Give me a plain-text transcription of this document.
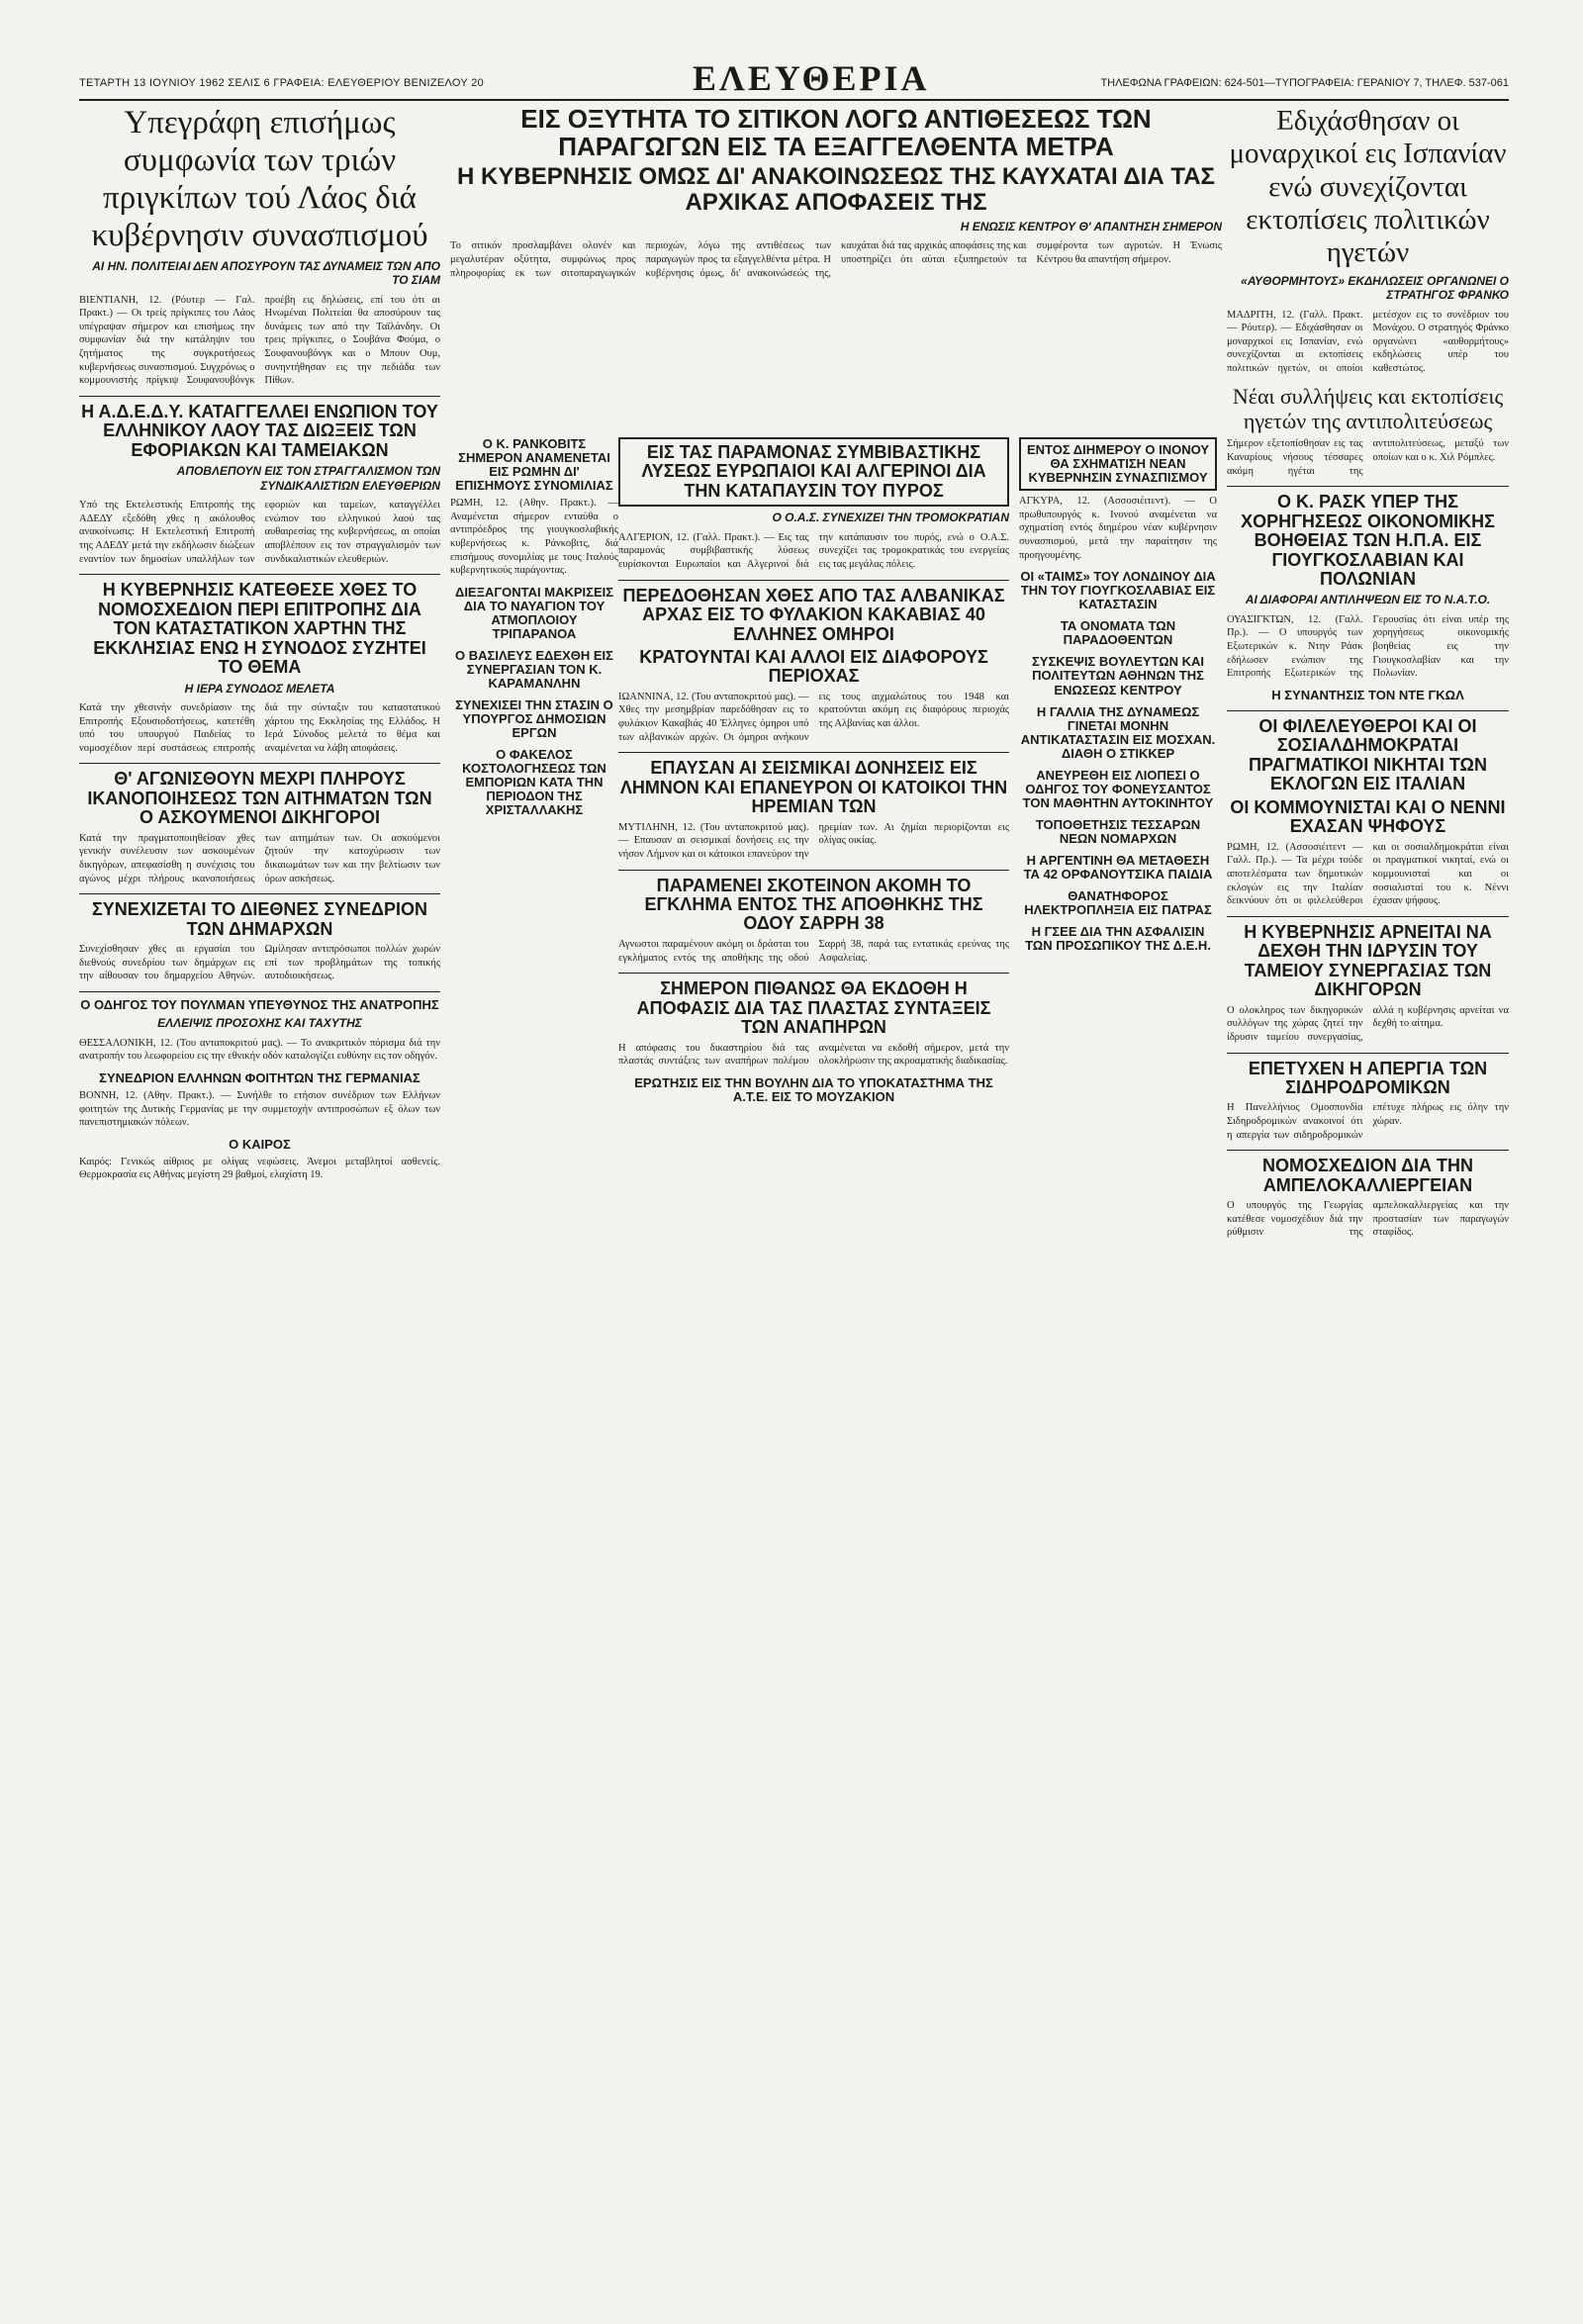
ΤΕΤΑΡΤΗ 13 ΙΟΥΝΙΟΥ 1962 ΣΕΛΙΣ 6 ΓΡΑΦΕΙΑ: ΕΛΕΥΘΕΡΙΟΥ ΒΕΝΙΖΕΛΟΥ 20	ΕΛΕΥΘΕΡΙΑ	ΤΗΛΕΦΩΝΑ ΓΡΑΦΕΙΩΝ: 624-501—ΤΥΠΟΓΡΑΦΕΙΑ: ΓΕΡΑΝΙΟΥ 7, ΤΗΛΕΦ. 537-061
Υπεγράφη επισήμως συμφωνία των τριών πριγκίπων τού Λάος διά κυβέρνησιν συνασπισμού
ΑΙ ΗΝ. ΠΟΛΙΤΕΙΑΙ ΔΕΝ ΑΠΟΣΥΡΟΥΝ ΤΑΣ ΔΥΝΑΜΕΙΣ ΤΩΝ ΑΠΟ ΤΟ ΣΙΑΜ

ΒΙΕΝΤΙΑΝΗ, 12. (Ρόυτερ — Γαλ. Πρακτ.) — Οι τρείς πρίγκιπες του Λάος υπέγραψαν σήμερον και επισήμως την συμφωνίαν διά την κατάληψιν του ζητήματος της συγκροτήσεως κυβερνήσεως συνασπισμού. Συγχρόνως ο κομμουνιστής πρίγκιψ Σουφανουβόνγκ προέβη εις δηλώσεις, επί του ότι αι Ηνωμέναι Πολιτείαι θα αποσύρουν τας δυνάμεις των από την Ταϊλάνδην. Οι τρεις πρίγκιπες, ο Σουβάνα Φούμα, ο Σουφανουβόνγκ και ο Μπουν Ουμ, συνηντήθησαν εις την πεδιάδα των Πίθων.

Η Α.Δ.Ε.Δ.Υ. ΚΑΤΑΓΓΕΛΛΕΙ ΕΝΩΠΙΟΝ ΤΟΥ ΕΛΛΗΝΙΚΟΥ ΛΑΟΥ ΤΑΣ ΔΙΩΞΕΙΣ ΤΩΝ ΕΦΟΡΙΑΚΩΝ ΚΑΙ ΤΑΜΕΙΑΚΩΝ
ΑΠΟΒΛΕΠΟΥΝ ΕΙΣ ΤΟΝ ΣΤΡΑΓΓΑΛΙΣΜΟΝ ΤΩΝ ΣΥΝΔΙΚΑΛΙΣΤΙΩΝ ΕΛΕΥΘΕΡΙΩΝ

Υπό της Εκτελεστικής Επιτροπής της ΑΔΕΔΥ εξεδόθη χθες η ακόλουθος ανακοίνωσις: Η Εκτελεστική Επιτροπή της ΑΔΕΔΥ μετά την εκδήλωσιν διώξεων εναντίον των δημοσίων υπαλλήλων των εφοριών και ταμείων, καταγγέλλει ενώπιον του ελληνικού λαού τας αυθαιρεσίας της κυβερνήσεως, αι οποίαι αποβλέπουν εις τον στραγγαλισμόν των συνδικαλιστικών ελευθεριών.

Η ΚΥΒΕΡΝΗΣΙΣ ΚΑΤΕΘΕΣΕ ΧΘΕΣ ΤΟ ΝΟΜΟΣΧΕΔΙΟΝ ΠΕΡΙ ΕΠΙΤΡΟΠΗΣ ΔΙΑ ΤΟΝ ΚΑΤΑΣΤΑΤΙΚΟΝ ΧΑΡΤΗΝ ΤΗΣ ΕΚΚΛΗΣΙΑΣ ΕΝΩ Η ΣΥΝΟΔΟΣ ΣΥΖΗΤΕΙ ΤΟ ΘΕΜΑ
Η ΙΕΡΑ ΣΥΝΟΔΟΣ ΜΕΛΕΤΑ

Κατά την χθεσινήν συνεδρίασιν της Επιτροπής Εξουσιοδοτήσεως, κατετέθη υπό του υπουργού Παιδείας το νομοσχέδιον περί συστάσεως επιτροπής διά την σύνταξιν του καταστατικού χάρτου της Εκκλησίας της Ελλάδος. Η Ιερά Σύνοδος μελετά το θέμα και αναμένεται να λάβη αποφάσεις.

Θ' ΑΓΩΝΙΣΘΟΥΝ ΜΕΧΡΙ ΠΛΗΡΟΥΣ ΙΚΑΝΟΠΟΙΗΣΕΩΣ ΤΩΝ ΑΙΤΗΜΑΤΩΝ ΤΩΝ Ο ΑΣΚΟΥΜΕΝΟΙ ΔΙΚΗΓΟΡΟΙ

Κατά την πραγματοποιηθείσαν χθες γενικήν συνέλευσιν των ασκουμένων δικηγόρων, απεφασίσθη η συνέχισις του αγώνος μέχρι πλήρους ικανοποιήσεως των αιτημάτων των. Οι ασκούμενοι ζητούν την κατοχύρωσιν των δικαιωμάτων των και την βελτίωσιν των όρων ασκήσεως.

ΣΥΝΕΧΙΖΕΤΑΙ ΤΟ ΔΙΕΘΝΕΣ ΣΥΝΕΔΡΙΟΝ ΤΩΝ ΔΗΜΑΡΧΩΝ

Συνεχίσθησαν χθες αι εργασίαι του διεθνούς συνεδρίου των δημάρχων εις την αίθουσαν του δημαρχείου Αθηνών. Ωμίλησαν αντιπρόσωποι πολλών χωρών επί των προβλημάτων της τοπικής αυτοδιοικήσεως.

Ο ΟΔΗΓΟΣ ΤΟΥ ΠΟΥΛΜΑΝ ΥΠΕΥΘΥΝΟΣ ΤΗΣ ΑΝΑΤΡΟΠΗΣ
ΕΛΛΕΙΨΙΣ ΠΡΟΣΟΧΗΣ ΚΑΙ ΤΑΧΥΤΗΣ

ΘΕΣΣΑΛΟΝΙΚΗ, 12. (Του ανταποκριτού μας). — Το ανακριτικόν πόρισμα διά την ανατροπήν του λεωφορείου εις την εθνικήν οδόν καταλογίζει ευθύνην εις τον οδηγόν.

ΣΥΝΕΔΡΙΟΝ ΕΛΛΗΝΩΝ ΦΟΙΤΗΤΩΝ ΤΗΣ ΓΕΡΜΑΝΙΑΣ

ΒΟΝΝΗ, 12. (Αθην. Πρακτ.). — Συνήλθε το ετήσιον συνέδριον των Ελλήνων φοιτητών της Δυτικής Γερμανίας με την συμμετοχήν αντιπροσώπων εξ όλων των πανεπιστημιακών πόλεων.

Ο ΚΑΙΡΟΣ

Καιρός: Γενικώς αίθριος με ολίγας νεφώσεις. Άνεμοι μεταβλητοί ασθενείς. Θερμοκρασία εις Αθήνας μεγίστη 29 βαθμοί, ελαχίστη 19.

ΕΙΣ ΟΞΥΤΗΤΑ ΤΟ ΣΙΤΙΚΟΝ ΛΟΓΩ ΑΝΤΙΘΕΣΕΩΣ ΤΩΝ ΠΑΡΑΓΩΓΩΝ ΕΙΣ ΤΑ ΕΞΑΓΓΕΛΘΕΝΤΑ ΜΕΤΡΑ
Η ΚΥΒΕΡΝΗΣΙΣ ΟΜΩΣ ΔΙ' ΑΝΑΚΟΙΝΩΣΕΩΣ ΤΗΣ ΚΑΥΧΑΤΑΙ ΔΙΑ ΤΑΣ ΑΡΧΙΚΑΣ ΑΠΟΦΑΣΕΙΣ ΤΗΣ
Η ΕΝΩΣΙΣ ΚΕΝΤΡΟΥ Θ' ΑΠΑΝΤΗΣΗ ΣΗΜΕΡΟΝ

Το σιτικόν προσλαμβάνει ολονέν και μεγαλυτέραν οξύτητα, συμφώνως προς πληροφορίας εκ των σιτοπαραγωγικών περιοχών, λόγω της αντιθέσεως των παραγωγών προς τα εξαγγελθέντα μέτρα. Η κυβέρνησις όμως, δι' ανακοινώσεώς της, καυχάται διά τας αρχικάς αποφάσεις της και υποστηρίζει ότι αύται εξυπηρετούν τα συμφέροντα των αγροτών. Η Ένωσις Κέντρου θα απαντήση σήμερον.

Ο Κ. ΡΑΝΚΟΒΙΤΣ ΣΗΜΕΡΟΝ ΑΝΑΜΕΝΕΤΑΙ ΕΙΣ ΡΩΜΗΝ ΔΙ' ΕΠΙΣΗΜΟΥΣ ΣΥΝΟΜΙΛΙΑΣ

ΡΩΜΗ, 12. (Αθην. Πρακτ.). — Αναμένεται σήμερον ενταύθα ο αντιπρόεδρος της γιουγκοσλαβικής κυβερνήσεως κ. Ράνκοβιτς, διά επισήμους συνομιλίας με τους Ιταλούς κυβερνητικούς παράγοντας.

ΔΙΕΞΑΓΟΝΤΑΙ ΜΑΚΡΙΣΕΙΣ ΔΙΑ ΤΟ ΝΑΥΑΓΙΟΝ ΤΟΥ ΑΤΜΟΠΛΟΙΟΥ ΤΡΙΠΑΡΑΝΟΑ
Ο ΒΑΣΙΛΕΥΣ ΕΔΕΧΘΗ ΕΙΣ ΣΥΝΕΡΓΑΣΙΑΝ ΤΟΝ Κ. ΚΑΡΑΜΑΝΛΗΝ
ΣΥΝΕΧΙΣΕΙ ΤΗΝ ΣΤΑΣΙΝ Ο ΥΠΟΥΡΓΟΣ ΔΗΜΟΣΙΩΝ ΕΡΓΩΝ
Ο ΦΑΚΕΛΟΣ ΚΟΣΤΟΛΟΓΗΣΕΩΣ ΤΩΝ ΕΜΠΟΡΙΩΝ ΚΑΤΑ ΤΗΝ ΠΕΡΙΟΔΟΝ ΤΗΣ ΧΡΙΣΤΑΛΛΑΚΗΣ
ΕΙΣ ΤΑΣ ΠΑΡΑΜΟΝΑΣ ΣΥΜΒΙΒΑΣΤΙΚΗΣ ΛΥΣΕΩΣ ΕΥΡΩΠΑΙΟΙ ΚΑΙ ΑΛΓΕΡΙΝΟΙ ΔΙΑ ΤΗΝ ΚΑΤΑΠΑΥΣΙΝ ΤΟΥ ΠΥΡΟΣ
Ο Ο.Α.Σ. ΣΥΝΕΧΙΖΕΙ ΤΗΝ ΤΡΟΜΟΚΡΑΤΙΑΝ

ΑΛΓΕΡΙΟΝ, 12. (Γαλλ. Πρακτ.). — Εις τας παραμονάς συμβιβαστικής λύσεως ευρίσκονται Ευρωπαίοι και Αλγερινοί διά την κατάπαυσιν του πυρός, ενώ ο Ο.Α.Σ. συνεχίζει τας τρομοκρατικάς του ενεργείας εις τας μεγάλας πόλεις.

ΠΕΡΕΔΟΘΗΣΑΝ ΧΘΕΣ ΑΠΟ ΤΑΣ ΑΛΒΑΝΙΚΑΣ ΑΡΧΑΣ ΕΙΣ ΤΟ ΦΥΛΑΚΙΟΝ ΚΑΚΑΒΙΑΣ 40 ΕΛΛΗΝΕΣ ΟΜΗΡΟΙ
ΚΡΑΤΟΥΝΤΑΙ ΚΑΙ ΑΛΛΟΙ ΕΙΣ ΔΙΑΦΟΡΟΥΣ ΠΕΡΙΟΧΑΣ

ΙΩΑΝΝΙΝΑ, 12. (Του ανταποκριτού μας). — Χθες την μεσημβρίαν παρεδόθησαν εις το φυλάκιον Κακαβιάς 40 Έλληνες όμηροι υπό των αλβανικών αρχών. Οι όμηροι ανήκουν εις τους αιχμαλώτους του 1948 και κρατούνται ακόμη εις διαφόρους περιοχάς της Αλβανίας και άλλοι.

ΕΠΑΥΣΑΝ ΑΙ ΣΕΙΣΜΙΚΑΙ ΔΟΝΗΣΕΙΣ ΕΙΣ ΛΗΜΝΟΝ ΚΑΙ ΕΠΑΝΕΥΡΟΝ ΟΙ ΚΑΤΟΙΚΟΙ ΤΗΝ ΗΡΕΜΙΑΝ ΤΩΝ

ΜΥΤΙΛΗΝΗ, 12. (Του ανταποκριτού μας). — Επαυσαν αι σεισμικαί δονήσεις εις την νήσον Λήμνον και οι κάτοικοι επανεύρον την ηρεμίαν των. Αι ζημίαι περιορίζονται εις ολίγας οικίας.

ΠΑΡΑΜΕΝΕΙ ΣΚΟΤΕΙΝΟΝ ΑΚΟΜΗ ΤΟ ΕΓΚΛΗΜΑ ΕΝΤΟΣ ΤΗΣ ΑΠΟΘΗΚΗΣ ΤΗΣ ΟΔΟΥ ΣΑΡΡΗ 38

Αγνωστοι παραμένουν ακόμη οι δράσται του εγκλήματος εντός της αποθήκης της οδού Σαρρή 38, παρά τας εντατικάς ερεύνας της Ασφαλείας.

ΣΗΜΕΡΟΝ ΠΙΘΑΝΩΣ ΘΑ ΕΚΔΟΘΗ Η ΑΠΟΦΑΣΙΣ ΔΙΑ ΤΑΣ ΠΛΑΣΤΑΣ ΣΥΝΤΑΞΕΙΣ ΤΩΝ ΑΝΑΠΗΡΩΝ

Η απόφασις του δικαστηρίου διά τας πλαστάς συντάξεις των αναπήρων πολέμου αναμένεται να εκδοθή σήμερον, μετά την ολοκλήρωσιν της ακροαματικής διαδικασίας.

ΕΡΩΤΗΣΙΣ ΕΙΣ ΤΗΝ ΒΟΥΛΗΝ ΔΙΑ ΤΟ ΥΠΟΚΑΤΑΣΤΗΜΑ ΤΗΣ Α.Τ.Ε. ΕΙΣ ΤΟ ΜΟΥΖΑΚΙΟΝ
ΕΝΤΟΣ ΔΙΗΜΕΡΟΥ Ο ΙΝΟΝΟΥ ΘΑ ΣΧΗΜΑΤΙΣΗ ΝΕΑΝ ΚΥΒΕΡΝΗΣΙΝ ΣΥΝΑΣΠΙΣΜΟΥ

ΑΓΚΥΡΑ, 12. (Ασσοσιέιτεντ). — Ο πρωθυπουργός κ. Ινονού αναμένεται να σχηματίση εντός διημέρου νέαν κυβέρνησιν συνασπισμού, μετά την παραίτησιν της προηγουμένης.

ΟΙ «ΤΑΙΜΣ» ΤΟΥ ΛΟΝΔΙΝΟΥ ΔΙΑ ΤΗΝ ΤΟΥ ΓΙΟΥΓΚΟΣΛΑΒΙΑΣ ΕΙΣ ΚΑΤΑΣΤΑΣΙΝ
ΤΑ ΟΝΟΜΑΤΑ ΤΩΝ ΠΑΡΑΔΟΘΕΝΤΩΝ
ΣΥΣΚΕΨΙΣ ΒΟΥΛΕΥΤΩΝ ΚΑΙ ΠΟΛΙΤΕΥΤΩΝ ΑΘΗΝΩΝ ΤΗΣ ΕΝΩΣΕΩΣ ΚΕΝΤΡΟΥ
Η ΓΑΛΛΙΑ ΤΗΣ ΔΥΝΑΜΕΩΣ ΓΙΝΕΤΑΙ ΜΟΝΗΝ ΑΝΤΙΚΑΤΑΣΤΑΣΙΝ ΕΙΣ ΜΟΣΧΑΝ. ΔΙΑΘΗ Ο ΣΤΙΚΚΕΡ
ΑΝΕΥΡΕΘΗ ΕΙΣ ΛΙΟΠΕΣΙ Ο ΟΔΗΓΟΣ ΤΟΥ ΦΟΝΕΥΣΑΝΤΟΣ ΤΟΝ ΜΑΘΗΤΗΝ ΑΥΤΟΚΙΝΗΤΟΥ
ΤΟΠΟΘΕΤΗΣΙΣ ΤΕΣΣΑΡΩΝ ΝΕΩΝ ΝΟΜΑΡΧΩΝ
Η ΑΡΓΕΝΤΙΝΗ ΘΑ ΜΕΤΑΘΕΣΗ ΤΑ 42 ΟΡΦΑΝΟΥΤΣΙΚΑ ΠΑΙΔΙΑ
ΘΑΝΑΤΗΦΟΡΟΣ ΗΛΕΚΤΡΟΠΛΗΞΙΑ ΕΙΣ ΠΑΤΡΑΣ
Η ΓΣΕΕ ΔΙΑ ΤΗΝ ΑΣΦΑΛΙΣΙΝ ΤΩΝ ΠΡΟΣΩΠΙΚΟΥ ΤΗΣ Δ.Ε.Η.
Εδιχάσθησαν οι μοναρχικοί εις Ισπανίαν ενώ συνεχίζονται εκτοπίσεις πολιτικών ηγετών
«ΑΥΘΟΡΜΗΤΟΥΣ» ΕΚΔΗΛΩΣΕΙΣ ΟΡΓΑΝΩΝΕΙ Ο ΣΤΡΑΤΗΓΟΣ ΦΡΑΝΚΟ

ΜΑΔΡΙΤΗ, 12. (Γαλλ. Πρακτ. — Ρόυτερ). — Εδιχάσθησαν οι μοναρχικοί εις Ισπανίαν, ενώ συνεχίζονται αι εκτοπίσεις πολιτικών ηγετών, οι οποίοι μετέσχον εις το συνέδριον του Μονάχου. Ο στρατηγός Φράνκο οργανώνει «αυθορμήτους» εκδηλώσεις υπέρ του καθεστώτος.

Νέαι συλλήψεις και εκτοπίσεις ηγετών της αντιπολιτεύσεως

Σήμερον εξετοπίσθησαν εις τας Καναρίους νήσους τέσσαρες ακόμη ηγέται της αντιπολιτεύσεως, μεταξύ των οποίων και ο κ. Χιλ Ρόμπλες.

Ο Κ. ΡΑΣΚ ΥΠΕΡ ΤΗΣ ΧΟΡΗΓΗΣΕΩΣ ΟΙΚΟΝΟΜΙΚΗΣ ΒΟΗΘΕΙΑΣ ΤΩΝ Η.Π.Α. ΕΙΣ ΓΙΟΥΓΚΟΣΛΑΒΙΑΝ ΚΑΙ ΠΟΛΩΝΙΑΝ
ΑΙ ΔΙΑΦΟΡΑΙ ΑΝΤΙΛΗΨΕΩΝ ΕΙΣ ΤΟ Ν.Α.Τ.Ο.

ΟΥΑΣΙΓΚΤΩΝ, 12. (Γαλλ. Πρ.). — Ο υπουργός των Εξωτερικών κ. Ντην Ράσκ εδήλωσεν ενώπιον της Επιτροπής Εξωτερικών της Γερουσίας ότι είναι υπέρ της χορηγήσεως οικονομικής βοηθείας εις την Γιουγκοσλαβίαν και την Πολωνίαν.

Η ΣΥΝΑΝΤΗΣΙΣ ΤΟΝ ΝΤΕ ΓΚΩΛ
ΟΙ ΦΙΛΕΛΕΥΘΕΡΟΙ ΚΑΙ ΟΙ ΣΟΣΙΑΛΔΗΜΟΚΡΑΤΑΙ ΠΡΑΓΜΑΤΙΚΟΙ ΝΙΚΗΤΑΙ ΤΩΝ ΕΚΛΟΓΩΝ ΕΙΣ ΙΤΑΛΙΑΝ
ΟΙ ΚΟΜΜΟΥΝΙΣΤΑΙ ΚΑΙ Ο ΝΕΝΝΙ ΕΧΑΣΑΝ ΨΗΦΟΥΣ

ΡΩΜΗ, 12. (Ασσοσιέιτεντ — Γαλλ. Πρ.). — Τα μέχρι τούδε αποτελέσματα των δημοτικών εκλογών εις την Ιταλίαν δεικνύουν ότι οι φιλελεύθεροι και οι σοσιαλδημοκράται είναι οι πραγματικοί νικηταί, ενώ οι κομμουνισταί και οι σοσιαλισταί του κ. Νέννι έχασαν ψήφους.

Η ΚΥΒΕΡΝΗΣΙΣ ΑΡΝΕΙΤΑΙ ΝΑ ΔΕΧΘΗ ΤΗΝ ΙΔΡΥΣΙΝ ΤΟΥ ΤΑΜΕΙΟΥ ΣΥΝΕΡΓΑΣΙΑΣ ΤΩΝ ΔΙΚΗΓΟΡΩΝ

Ο ολοκληρος των δικηγορικών συλλόγων της χώρας ζητεί την ίδρυσιν ταμείου συνεργασίας, αλλά η κυβέρνησις αρνείται να δεχθή το αίτημα.

ΕΠΕΤΥΧΕΝ Η ΑΠΕΡΓΙΑ ΤΩΝ ΣΙΔΗΡΟΔΡΟΜΙΚΩΝ

Η Πανελλήνιος Ομοσπονδία Σιδηροδρομικών ανακοινοί ότι η απεργία των σιδηροδρομικών επέτυχε πλήρως εις όλην την χώραν.

ΝΟΜΟΣΧΕΔΙΟΝ ΔΙΑ ΤΗΝ ΑΜΠΕΛΟΚΑΛΛΙΕΡΓΕΙΑΝ

Ο υπουργός της Γεωργίας κατέθεσε νομοσχέδιον διά την ρύθμισιν της αμπελοκαλλιεργείας και την προστασίαν των παραγωγών σταφίδος.
